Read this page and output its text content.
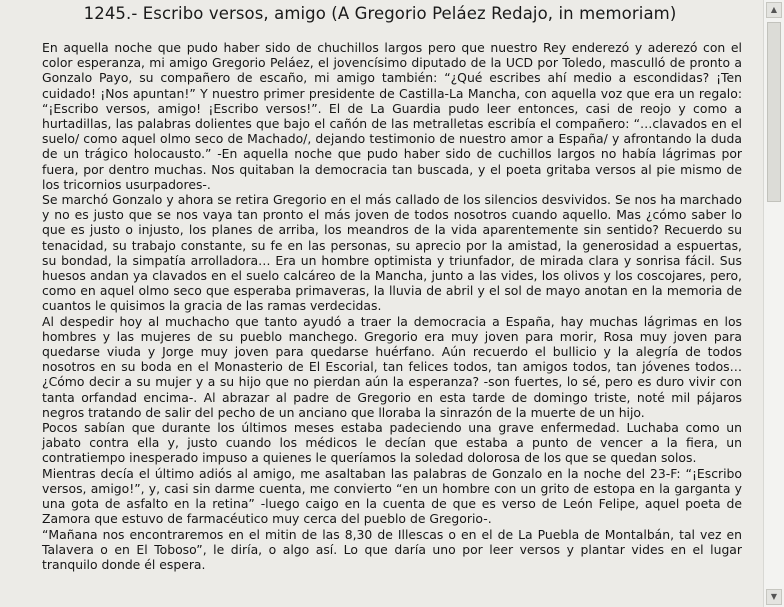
1245.- Escribo versos, amigo (A Gregorio Peláez Redajo, in memoriam)

En aquella noche que pudo haber sido de chuchillos largos pero que nuestro Rey enderezó y aderezó con el color esperanza, mi amigo Gregorio Peláez, el jovencísimo diputado de la UCD por Toledo, masculló de pronto a Gonzalo Payo, su compañero de escaño, mi amigo también: “¿Qué escribes ahí medio a escondidas? ¡Ten cuidado! ¡Nos apuntan!” Y nuestro primer presidente de Castilla-La Mancha, con aquella voz que era un regalo: “¡Escribo versos, amigo! ¡Escribo versos!”. El de La Guardia pudo leer entonces, casi de reojo y como a hurtadillas, las palabras dolientes que bajo el cañón de las metralletas escribía el compañero: “…clavados en el suelo/ como aquel olmo seco de Machado/, dejando testimonio de nuestro amor a España/ y afrontando la duda de un trágico holocausto.” -En aquella noche que pudo haber sido de cuchillos largos no había lágrimas por fuera, por dentro muchas. Nos quitaban la democracia tan buscada, y el poeta gritaba versos al pie mismo de los tricornios usurpadores-.

Se marchó Gonzalo y ahora se retira Gregorio en el más callado de los silencios desvividos. Se nos ha marchado y no es justo que se nos vaya tan pronto el más joven de todos nosotros cuando aquello. Mas ¿cómo saber lo que es justo o injusto, los planes de arriba, los meandros de la vida aparentemente sin sentido? Recuerdo su tenacidad, su trabajo constante, su fe en las personas, su aprecio por la amistad, la generosidad a espuertas, su bondad, la simpatía arrolladora… Era un hombre optimista y triunfador, de mirada clara y sonrisa fácil. Sus huesos andan ya clavados en el suelo calcáreo de la Mancha, junto a las vides, los olivos y los coscojares, pero, como en aquel olmo seco que esperaba primaveras, la lluvia de abril y el sol de mayo anotan en la memoria de cuantos le quisimos la gracia de las ramas verdecidas.

Al despedir hoy al muchacho que tanto ayudó a traer la democracia a España, hay muchas lágrimas en los hombres y las mujeres de su pueblo manchego. Gregorio era muy joven para morir, Rosa muy joven para quedarse viuda y Jorge muy joven para quedarse huérfano. Aún recuerdo el bullicio y la alegría de todos nosotros en su boda en el Monasterio de El Escorial, tan felices todos, tan amigos todos, tan jóvenes todos… ¿Cómo decir a su mujer y a su hijo que no pierdan aún la esperanza? -son fuertes, lo sé, pero es duro vivir con tanta orfandad encima-. Al abrazar al padre de Gregorio en esta tarde de domingo triste, noté mil pájaros negros tratando de salir del pecho de un anciano que lloraba la sinrazón de la muerte de un hijo.

Pocos sabían que durante los últimos meses estaba padeciendo una grave enfermedad. Luchaba como un jabato contra ella y, justo cuando los médicos le decían que estaba a punto de vencer a la fiera, un contratiempo inesperado impuso a quienes le queríamos la soledad dolorosa de los que se quedan solos.

Mientras decía el último adiós al amigo, me asaltaban las palabras de Gonzalo en la noche del 23-F: “¡Escribo versos, amigo!”, y, casi sin darme cuenta, me convierto “en un hombre con un grito de estopa en la garganta y una gota de asfalto en la retina” -luego caigo en la cuenta de que es verso de León Felipe, aquel poeta de Zamora que estuvo de farmacéutico muy cerca del pueblo de Gregorio-.

“Mañana nos encontraremos en el mitin de las 8,30 de Illescas o en el de La Puebla de Montalbán, tal vez en Talavera o en El Toboso”, le diría, o algo así. Lo que daría uno por leer versos y plantar vides en el lugar tranquilo donde él espera.

▲
▼
